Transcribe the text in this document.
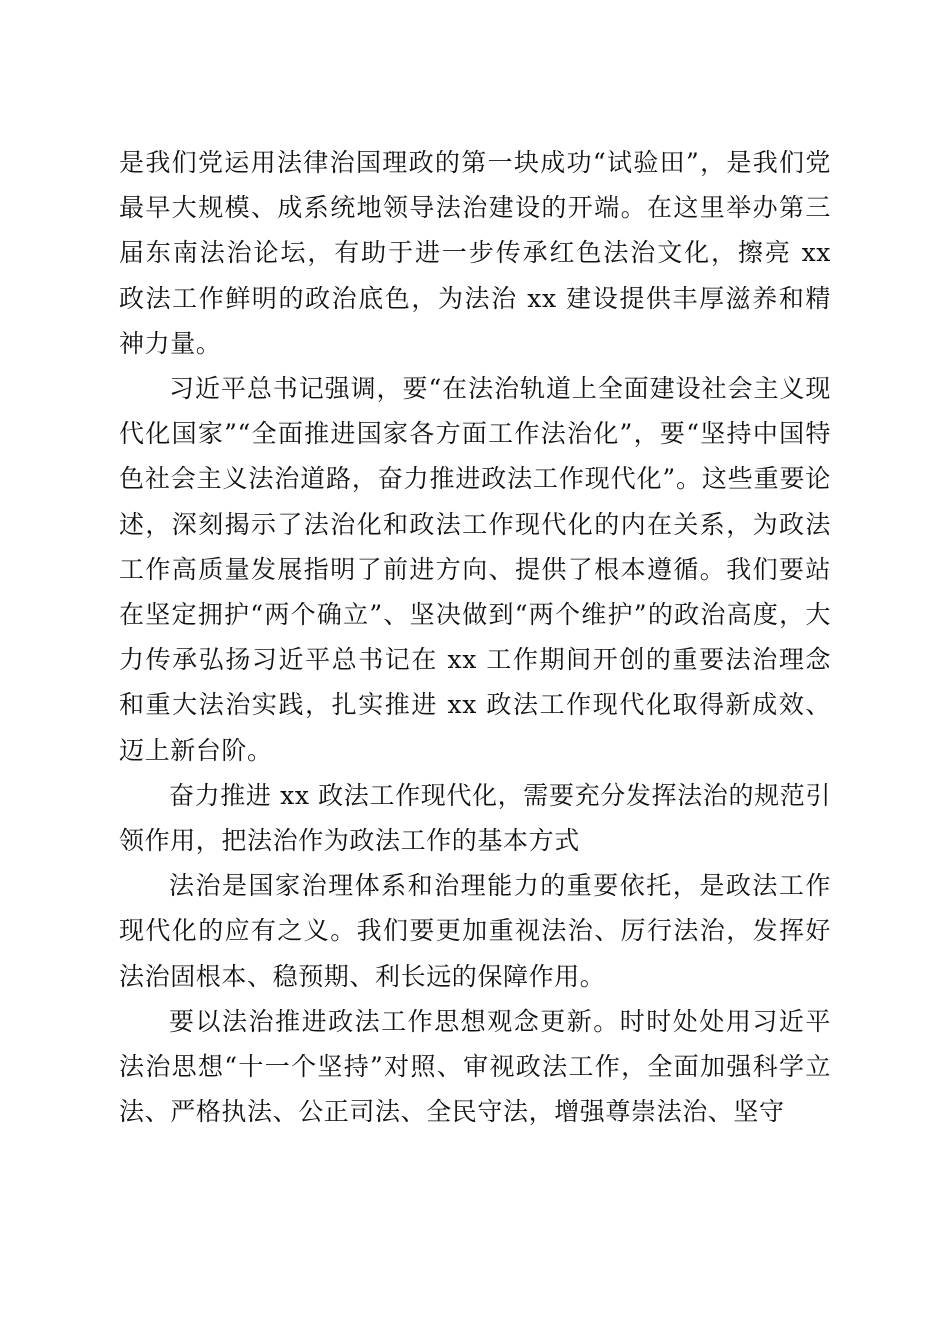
是我们党运用法律治国理政的第一块成功“试验田”，是我们党最早大规模、成系统地领导法治建设的开端。在这里举办第三届东南法治论坛，有助于进一步传承红色法治文化，擦亮 xx 政法工作鲜明的政治底色，为法治 xx 建设提供丰厚滋养和精神力量。

习近平总书记强调，要“在法治轨道上全面建设社会主义现代化国家”“全面推进国家各方面工作法治化”，要“坚持中国特色社会主义法治道路，奋力推进政法工作现代化”。这些重要论述，深刻揭示了法治化和政法工作现代化的内在关系，为政法工作高质量发展指明了前进方向、提供了根本遵循。我们要站在坚定拥护“两个确立”、坚决做到“两个维护”的政治高度，大力传承弘扬习近平总书记在 xx 工作期间开创的重要法治理念和重大法治实践，扎实推进 xx 政法工作现代化取得新成效、迈上新台阶。

奋力推进 xx 政法工作现代化，需要充分发挥法治的规范引领作用，把法治作为政法工作的基本方式

法治是国家治理体系和治理能力的重要依托，是政法工作现代化的应有之义。我们要更加重视法治、厉行法治，发挥好法治固根本、稳预期、利长远的保障作用。

要以法治推进政法工作思想观念更新。时时处处用习近平法治思想“十一个坚持”对照、审视政法工作，全面加强科学立法、严格执法、公正司法、全民守法，增强尊崇法治、坚守
